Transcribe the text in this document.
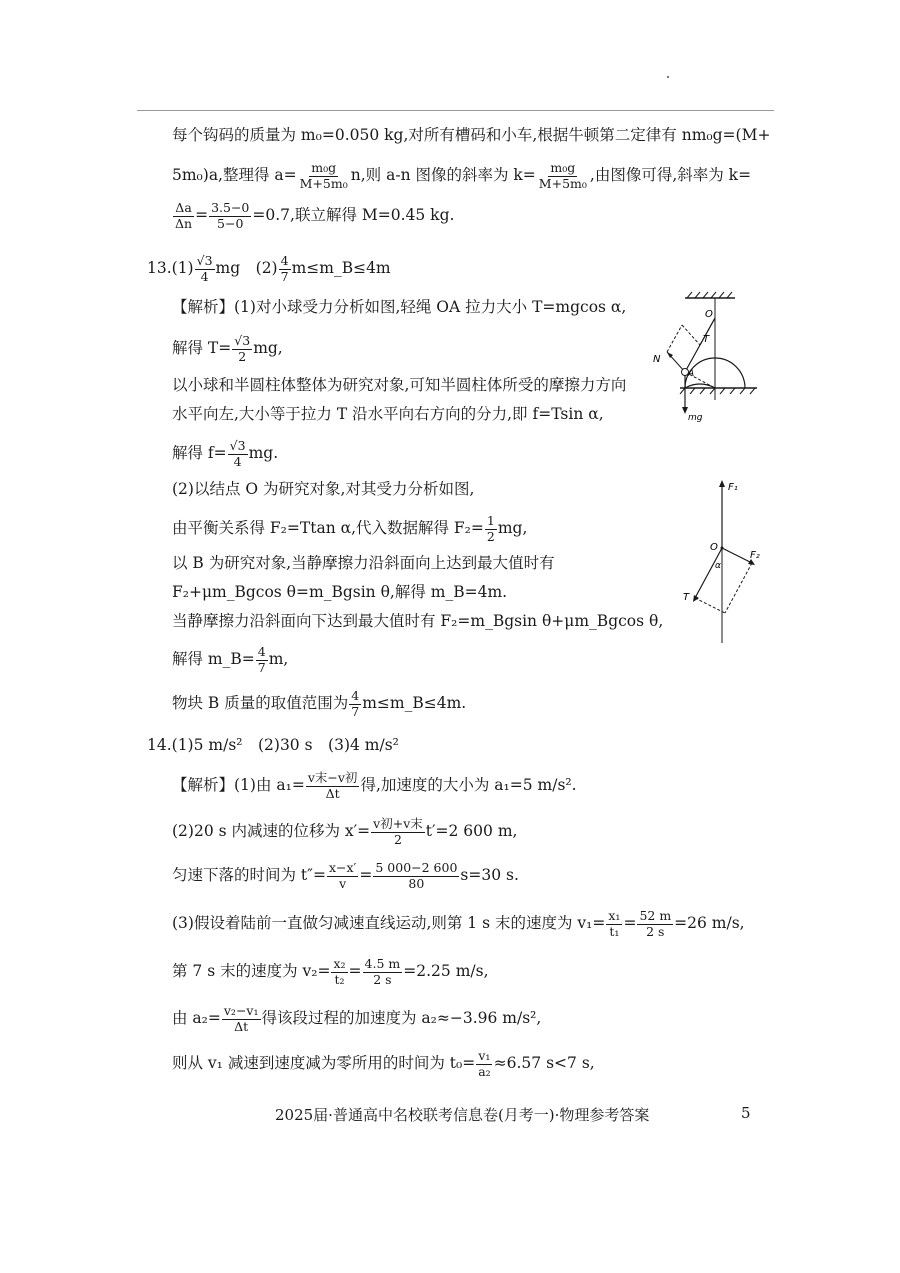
每个钩码的质量为 m₀=0.050 kg,对所有槽码和小车,根据牛顿第二定律有 nm₀g=(M+
5m₀)a,整理得 $a= \frac{\text{m₀g}}{\text{M+5m₀}} n$,则 a-n 图像的斜率为 $k= \frac{\text{m₀g}}{\text{M+5m₀}}$ ,由图像可得,斜率为 k=
$\frac{\Delta a}{\Delta n} = \frac{3.5-0}{5-0} =0.7$,联立解得 M=0.45 kg.
$13.(1) \frac{√3}{4}$ mg　$(2) \frac{4}{7}$ m≤m_B≤4m
【解析】(1)对小球受力分析如图,轻绳 OA 拉力大小 T=mgcos α,
解得 $T= \frac{√3}{2}$ mg,
以小球和半圆柱体整体为研究对象,可知半圆柱体所受的摩擦力方向
水平向左,大小等于拉力 T 沿水平向右方向的分力,即 f=Tsin α,
解得 $f= \frac{√3}{4}$ mg.
(2)以结点 O 为研究对象,对其受力分析如图,
由平衡关系得 F₂=Ttan α,代入数据解得 $F_2= \frac{1}{2}$ mg,
以 B 为研究对象,当静摩擦力沿斜面向上达到最大值时有
F₂+μm_Bgcos θ=m_Bgsin θ,解得 m_B=4m.
当静摩擦力沿斜面向下达到最大值时有 F₂=m_Bgsin θ+μm_Bgcos θ,
解得 m_B= $\frac{4}{7} m$,
物块 B 质量的取值范围为 $\frac{4}{7}$ m≤m_B≤4m.
14.(1)5 m/s²　(2)30 s　(3)4 m/s²
【解析】(1)由 $a_1= \frac{\text{v末−v初}}{\Delta t}$ 得,加速度的大小为 a₁=5 m/s².
(2)20 s 内减速的位移为 $x'= \frac{\text{v初+v末}}{2} t'=2$ 600 m,
匀速下落的时间为 $t''= \frac{x-x'}{v} = \frac{5 000-2 600}{80} s=30$ s.
(3)假设着陆前一直做匀减速直线运动,则第 1 s 末的速度为 $v_1= \frac{\text{x₁}}{\text{t₁}} = \frac{52 m}{2 s} =26$ m/s,
第 7 s 末的速度为 $v_2= \frac{\text{x₂}}{\text{t₂}} = \frac{4.5 m}{2 s} =2.25$ m/s,
由 $a_2= \frac{\text{v₂−v₁}}{\Delta t}$ 得该段过程的加速度为 a₂≈−3.96 m/s²,
则从 v₁ 减速到速度减为零所用的时间为 $t_0= \frac{\text{v₁}}{\text{a₂}} \approx 6.57$ s<7 s,
O
T
N
A
mg
F₁
F₂
O
α
T
2025届·普通高中名校联考信息卷(月考一)·物理参考答案	5
